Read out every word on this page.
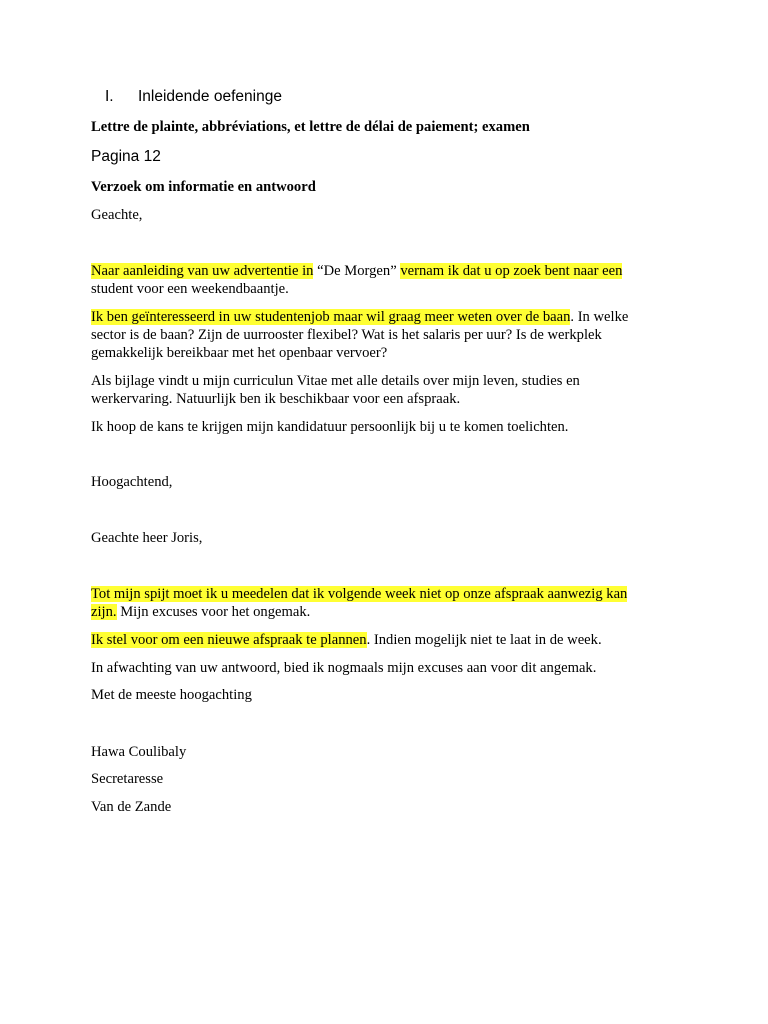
I. Inleidende oefeninge

Lettre de plainte, abbréviations, et lettre de délai de paiement; examen

Pagina 12

Verzoek om informatie en antwoord

Geachte,

Naar aanleiding van uw advertentie in “De Morgen” vernam ik dat u op zoek bent naar een

student voor een weekendbaantje.

Ik ben geïnteresseerd in uw studentenjob maar wil graag meer weten over de baan. In welke

sector is de baan? Zijn de uurrooster flexibel? Wat is het salaris per uur? Is de werkplek

gemakkelijk bereikbaar met het openbaar vervoer?

Als bijlage vindt u mijn curriculun Vitae met alle details over mijn leven, studies en

werkervaring. Natuurlijk ben ik beschikbaar voor een afspraak.

Ik hoop de kans te krijgen mijn kandidatuur persoonlijk bij u te komen toelichten.

Hoogachtend,

Geachte heer Joris,

Tot mijn spijt moet ik u meedelen dat ik volgende week niet op onze afspraak aanwezig kan

zijn. Mijn excuses voor het ongemak.

Ik stel voor om een nieuwe afspraak te plannen. Indien mogelijk niet te laat in de week.

In afwachting van uw antwoord, bied ik nogmaals mijn excuses aan voor dit angemak.

Met de meeste hoogachting

Hawa Coulibaly

Secretaresse

Van de Zande
